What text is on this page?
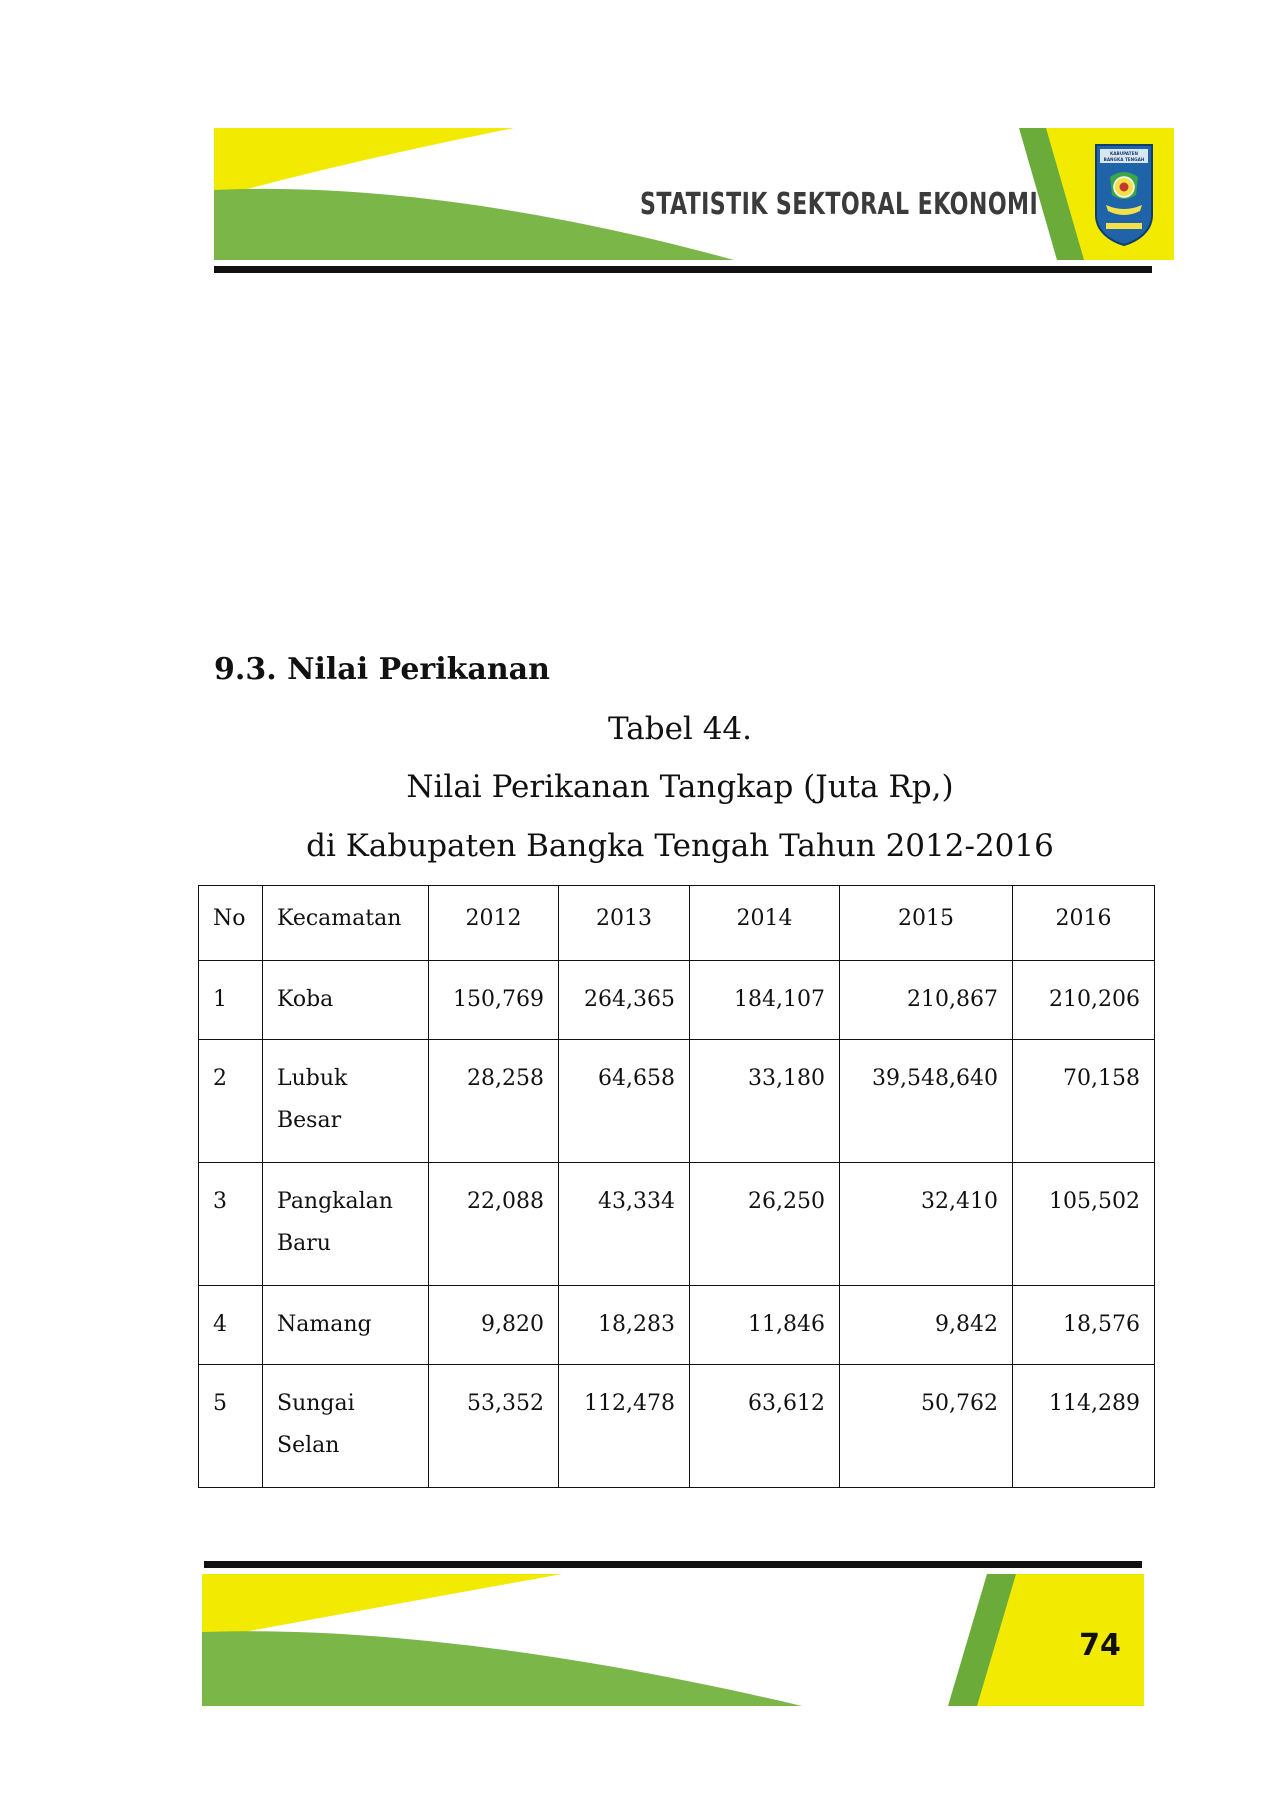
STATISTIK SEKTORAL EKONOMI
KABUPATEN
BANGKA TENGAH
9.3. Nilai Perikanan

Tabel 44.

Nilai Perikanan Tangkap (Juta Rp,)

di Kabupaten Bangka Tengah Tahun 2012-2016

No	Kecamatan	2012	2013	2014	2015	2016
1	Koba	150,769	264,365	184,107	210,867	210,206
2	Lubuk Besar	28,258	64,658	33,180	39,548,640	70,158
3	Pangkalan Baru	22,088	43,334	26,250	32,410	105,502
4	Namang	9,820	18,283	11,846	9,842	18,576
5	Sungai Selan	53,352	112,478	63,612	50,762	114,289
74
